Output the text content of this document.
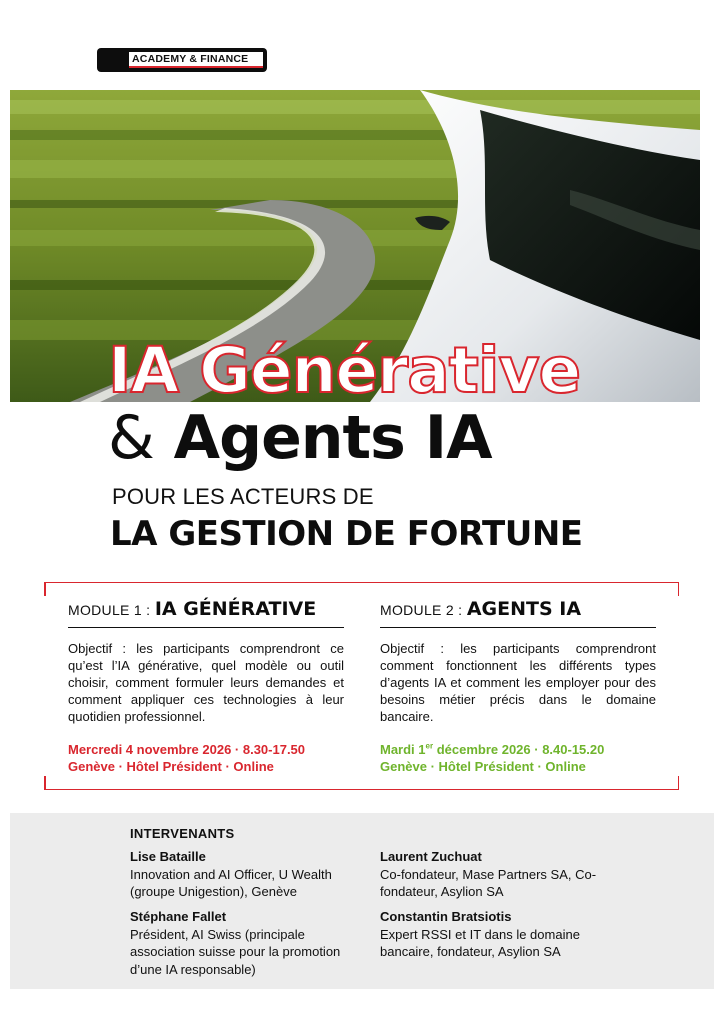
ACADEMY & FINANCE
IA Générative
& Agents IA
POUR LES ACTEURS DE
LA GESTION DE FORTUNE
MODULE 1 : IA GÉNÉRATIVE
Objectif : les participants comprendront ce qu’est l’IA générative, quel modèle ou outil choisir, comment formuler leurs demandes et comment appliquer ces technologies à leur quotidien professionnel.
Mercredi 4 novembre 2026 · 8.30-17.50
Genève · Hôtel Président · Online
MODULE 2 : AGENTS IA
Objectif : les participants comprendront comment fonctionnent les différents types d’agents IA et comment les employer pour des besoins métier précis dans le domaine bancaire.
Mardi 1er décembre 2026 · 8.40-15.20
Genève · Hôtel Président · Online
INTERVENANTS
Lise Bataille
Innovation and AI Officer, U Wealth (groupe Unigestion), Genève
Stéphane Fallet
Président, AI Swiss (principale association suisse pour la promotion d’une IA responsable)
Laurent Zuchuat
Co-fondateur, Mase Partners SA, Co-fondateur, Asylion SA
Constantin Bratsiotis
Expert RSSI et IT dans le domaine bancaire, fondateur, Asylion SA
